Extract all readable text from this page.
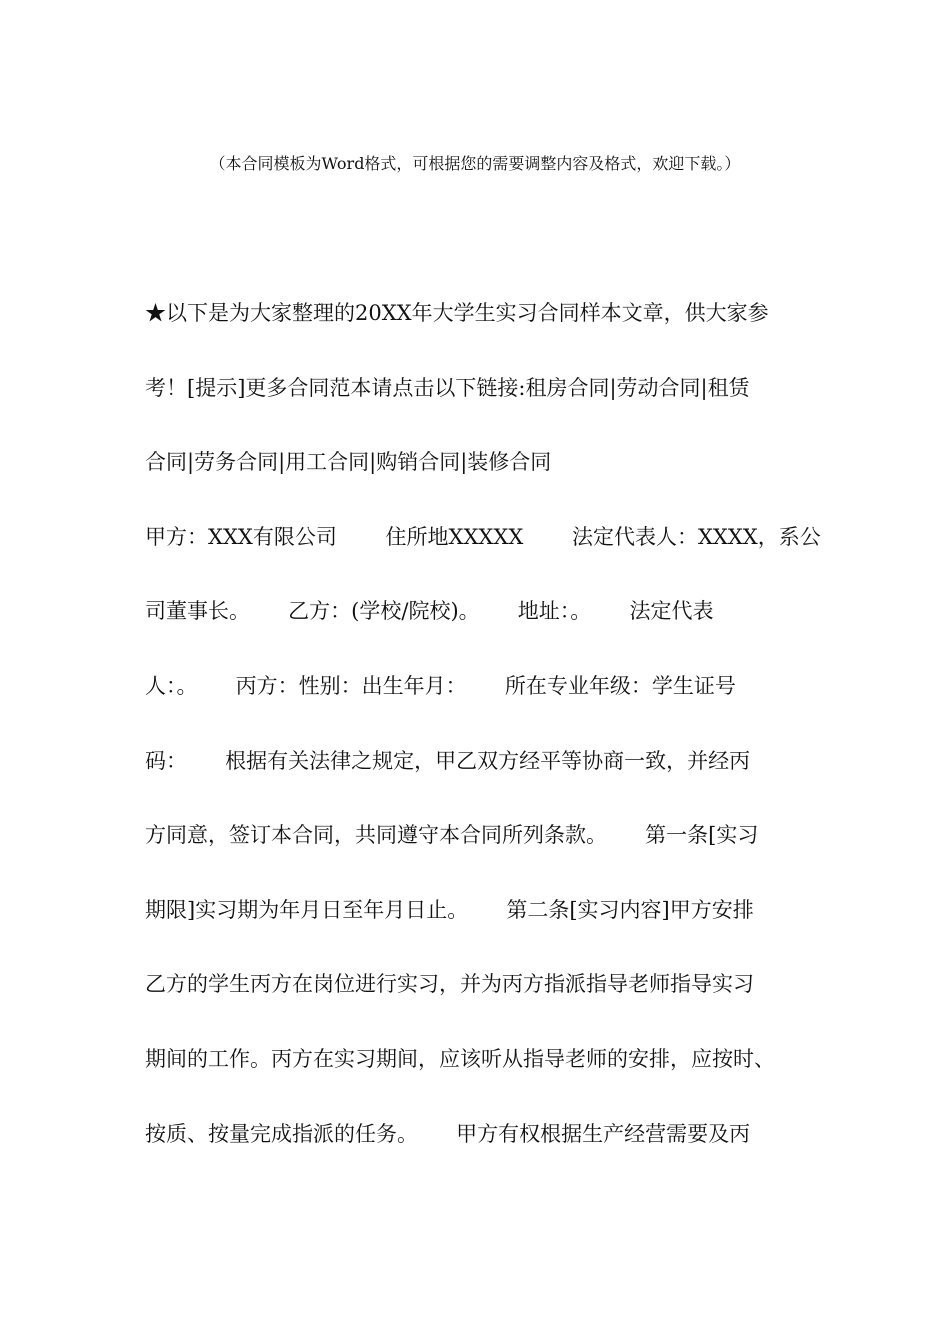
（本合同模板为Word格式，可根据您的需要调整内容及格式，欢迎下载。）
★以下是为大家整理的20XX年大学生实习合同样本文章，供大家参
考！[提示]更多合同范本请点击以下链接:租房合同|劳动合同|租赁
合同|劳务合同|用工合同|购销合同|装修合同
甲方：XXX有限公司　　 住所地XXXXX　　 法定代表人：XXXX，系公
司董事长。　　 乙方：(学校/院校)。　　 地址：。　　 法定代表
人：。　　 丙方：性别：出生年月：　　 所在专业年级：学生证号
码：　　 根据有关法律之规定，甲乙双方经平等协商一致，并经丙
方同意，签订本合同，共同遵守本合同所列条款。　　 第一条[实习
期限]实习期为年月日至年月日止。　　 第二条[实习内容]甲方安排
乙方的学生丙方在岗位进行实习，并为丙方指派指导老师指导实习
期间的工作。丙方在实习期间，应该听从指导老师的安排，应按时、
按质、按量完成指派的任务。　　 甲方有权根据生产经营需要及丙
